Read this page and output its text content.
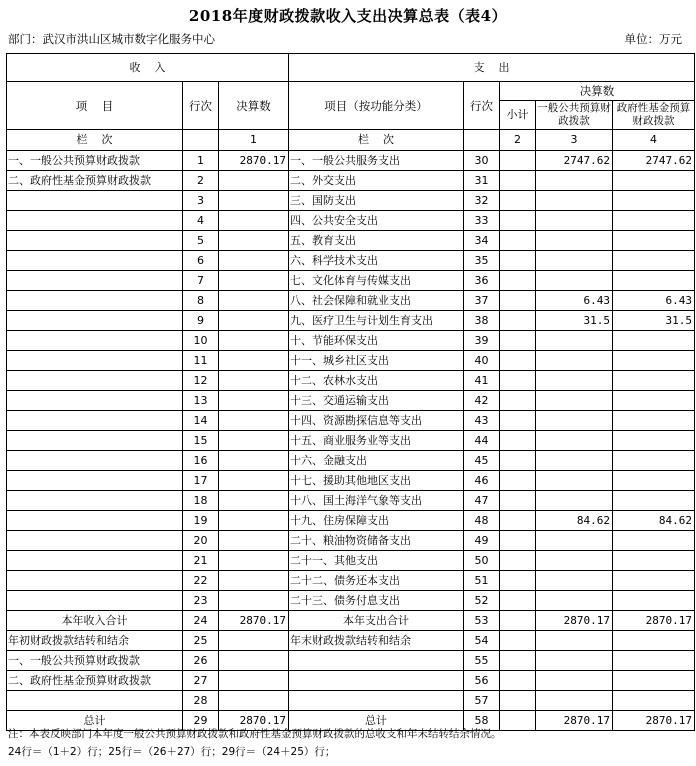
2018年度财政拨款收入支出决算总表（表4）
部门：武汉市洪山区城市数字化服务中心	单位：万元
收    入			支    出				
项    目	行次	决算数	项目（按功能分类）	行次	决算数		
					小计	一般公共预算财政拨款	政府性基金预算财政拨款
栏    次		1	栏    次		2	3	4
一、一般公共预算财政拨款	1	2870.17	一、一般公共服务支出	30		2747.62	2747.62
二、政府性基金预算财政拨款	2		二、外交支出	31			
	3		三、国防支出	32			
	4		四、公共安全支出	33			
	5		五、教育支出	34			
	6		六、科学技术支出	35			
	7		七、文化体育与传媒支出	36			
	8		八、社会保障和就业支出	37		6.43	6.43
	9		九、医疗卫生与计划生育支出	38		31.5	31.5
	10		十、节能环保支出	39			
	11		十一、城乡社区支出	40			
	12		十二、农林水支出	41			
	13		十三、交通运输支出	42			
	14		十四、资源勘探信息等支出	43			
	15		十五、商业服务业等支出	44			
	16		十六、金融支出	45			
	17		十七、援助其他地区支出	46			
	18		十八、国土海洋气象等支出	47			
	19		十九、住房保障支出	48		84.62	84.62
	20		二十、粮油物资储备支出	49			
	21		二十一、其他支出	50			
	22		二十二、债务还本支出	51			
	23		二十三、债务付息支出	52			
本年收入合计	24	2870.17	本年支出合计	53		2870.17	2870.17
年初财政拨款结转和结余	25		年末财政拨款结转和结余	54			
一、一般公共预算财政拨款	26			55			
二、政府性基金预算财政拨款	27			56			
	28			57			
总计	29	2870.17	总计	58		2870.17	2870.17
注：本表反映部门本年度一般公共预算财政拨款和政府性基金预算财政拨款的总收支和年末结转结余情况。
24行＝（1＋2）行；25行＝（26＋27）行；29行＝（24＋25）行；
